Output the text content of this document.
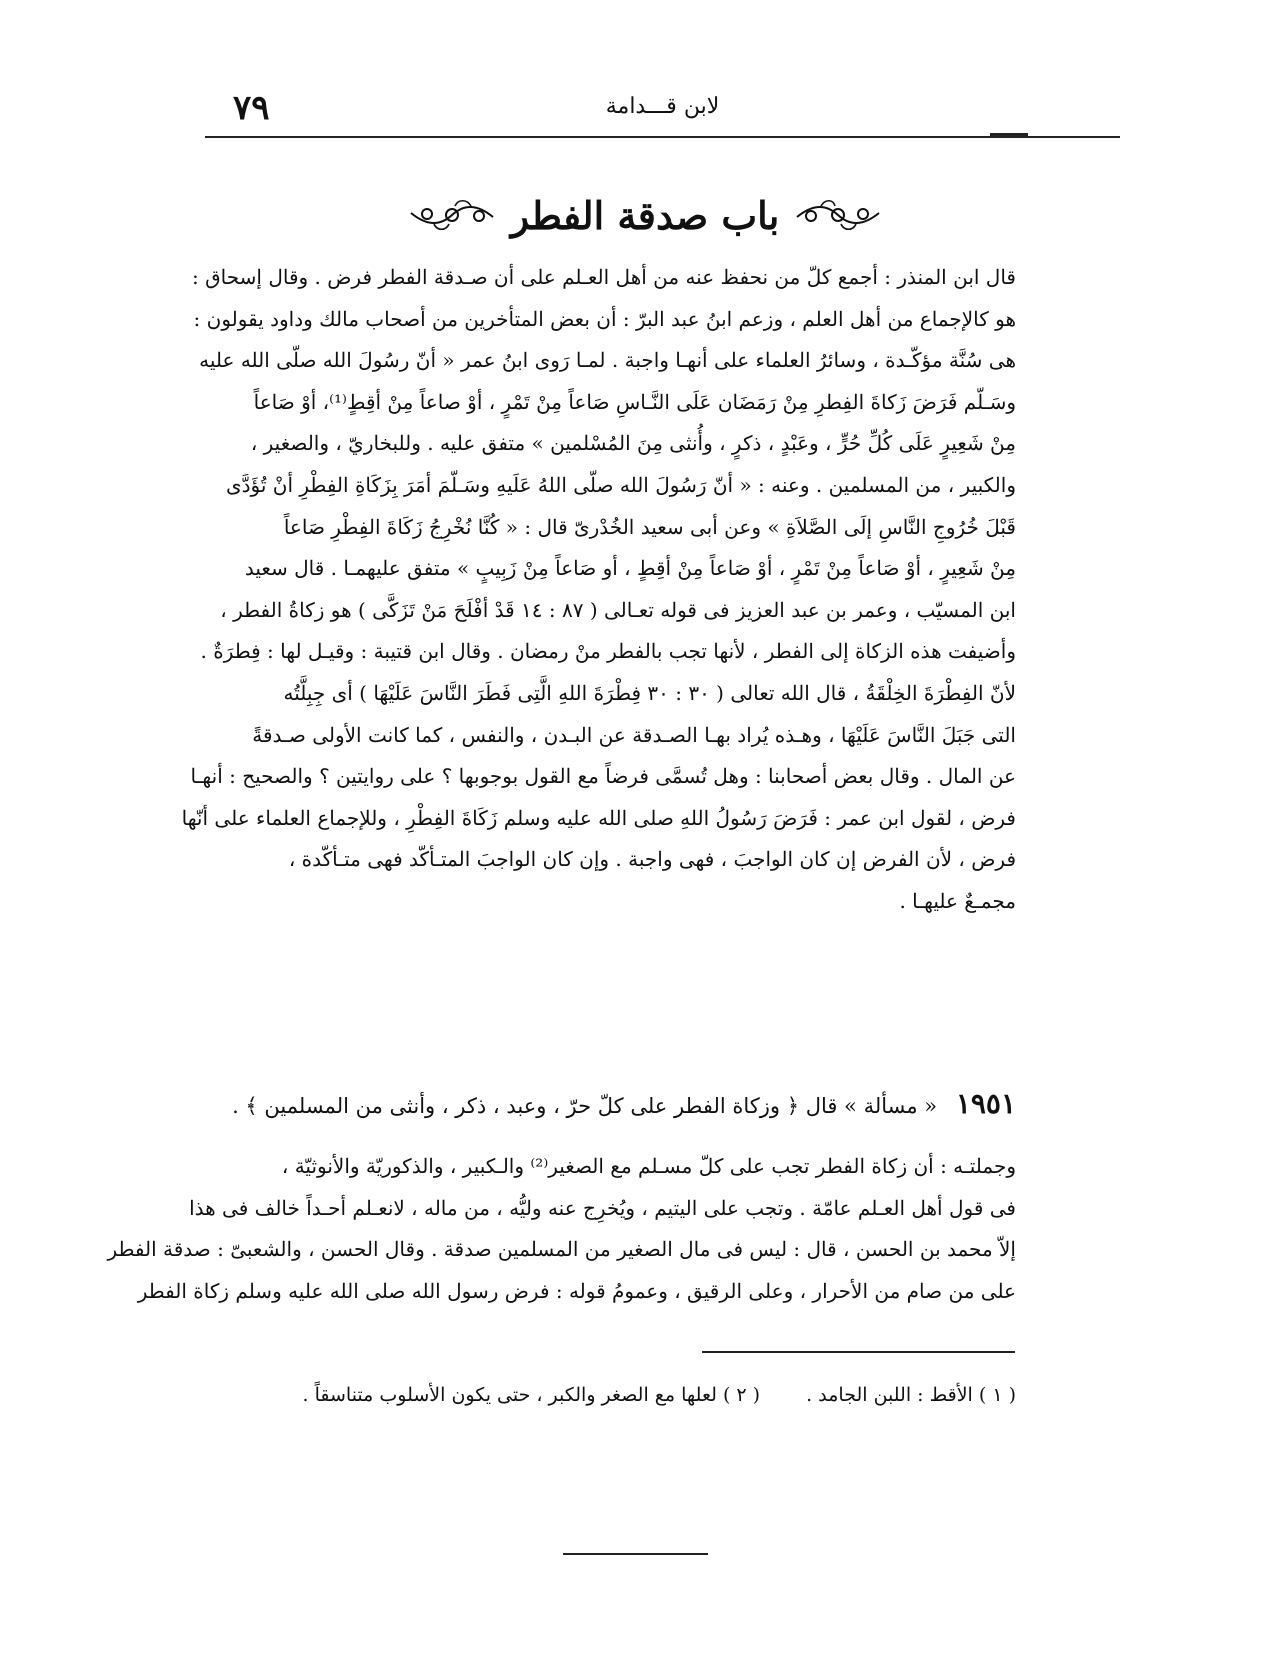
٧٩	لابن قـــدامة
باب صدقة الفطر
قال ابن المنذر : أجمع كلّ من نحفظ عنه من أهل العـلم على أن صـدقة الفطر فرض . وقال إسحاق :
هو كالإجماع من أهل العلم ، وزعم ابنُ عبد البرّ : أن بعض المتأخرين من أصحاب مالك وداود يقولون :
هى سُنَّة مؤكّـدة ، وسائرُ العلماء على أنهـا واجبة . لمـا رَوى ابنُ عمر « أنّ رسُولَ الله صلّى الله عليه
وسَـلّم فَرَضَ زَكاةَ الفِطرِ مِنْ رَمَضَان عَلَى النَّـاسِ صَاعاً مِنْ تَمْرٍ ، أوْ صاعاً مِنْ أقِطٍ⁽¹⁾، أوْ صَاعاً
مِنْ شَعِيرٍ عَلَى كُلِّ حُرٍّ ، وعَبْدٍ ، ذكرٍ ، وأُنثى مِنَ المُسْلمين » متفق عليه . وللبخاريّ ، والصغير ،
والكبير ، من المسلمين . وعنه : « أنّ رَسُولَ الله صلّى اللهُ عَلَيهِ وسَـلّمَ أمَرَ بِزَكَاةِ الفِطْرِ أنْ تُؤَدَّى
قَبْلَ خُرُوجِ النَّاسِ إلَى الصَّلاَةِ » وعن أبى سعيد الخُدْرىّ قال : « كُنَّا نُخْرِجُ زَكَاةَ الفِطْرِ صَاعاً
مِنْ شَعِيرٍ ، أوْ صَاعاً مِنْ تَمْرٍ ، أوْ صَاعاً مِنْ أقِطٍ ، أو صَاعاً مِنْ زَبِيبٍ » متفق عليهمـا . قال سعيد
ابن المسيّب ، وعمر بن عبد العزيز فى قوله تعـالى ( ٨٧ : ١٤ قَدْ أفْلَحَ مَنْ تَزَكَّى ) هو زكاةُ الفطر ،
وأضيفت هذه الزكاة إلى الفطر ، لأنها تجب بالفطر منْ رمضان . وقال ابن قتيبة : وقيـل لها : فِطرَةٌ .
لأنّ الفِطْرَةَ الخِلْقَةُ ، قال الله تعالى ( ٣٠ : ٣٠ فِطْرَةَ اللهِ الَّتِى فَطَرَ النَّاسَ عَلَيْهَا ) أى جِبِلَّتُه
التى جَبَلَ النَّاسَ عَلَيْهَا ، وهـذه يُراد بهـا الصـدقة عن البـدن ، والنفس ، كما كانت الأولى صـدقةً
عن المال . وقال بعض أصحابنا : وهل تُسمَّى فرضاً مع القول بوجوبها ؟ على روايتين ؟ والصحيح : أنهـا
فرض ، لقول ابن عمر : فَرَضَ رَسُولُ اللهِ صلى الله عليه وسلم زَكَاةَ الفِطْرِ ، وللإجماع العلماء على أنّها
فرض ، لأن الفرض إن كان الواجبَ ، فهى واجبة . وإن كان الواجبَ المتـأكّد فهى متـأكّدة ،
مجمـعٌ عليهـا .
١٩٥١ « مسألة » قال ﴿ وزكاة الفطر على كلّ حرّ ، وعبد ، ذكر ، وأنثى من المسلمين ﴾ .
وجملتـه : أن زكاة الفطر تجب على كلّ مسـلم مع الصغير⁽²⁾ والـكبير ، والذكوريّة والأنوثيّة ،
فى قول أهل العـلم عامّة . وتجب على اليتيم ، ويُخرِج عنه وليُّه ، من ماله ، لانعـلم أحـداً خالف فى هذا
إلاّ محمد بن الحسن ، قال : ليس فى مال الصغير من المسلمين صدقة . وقال الحسن ، والشعبىّ : صدقة الفطر
على من صام من الأحرار ، وعلى الرقيق ، وعمومُ قوله : فرض رسول الله صلى الله عليه وسلم زكاة الفطر
( ١ ) الأقط : اللبن الجامد .  ( ٢ ) لعلها مع الصغر والكبر ، حتى يكون الأسلوب متناسقاً .
